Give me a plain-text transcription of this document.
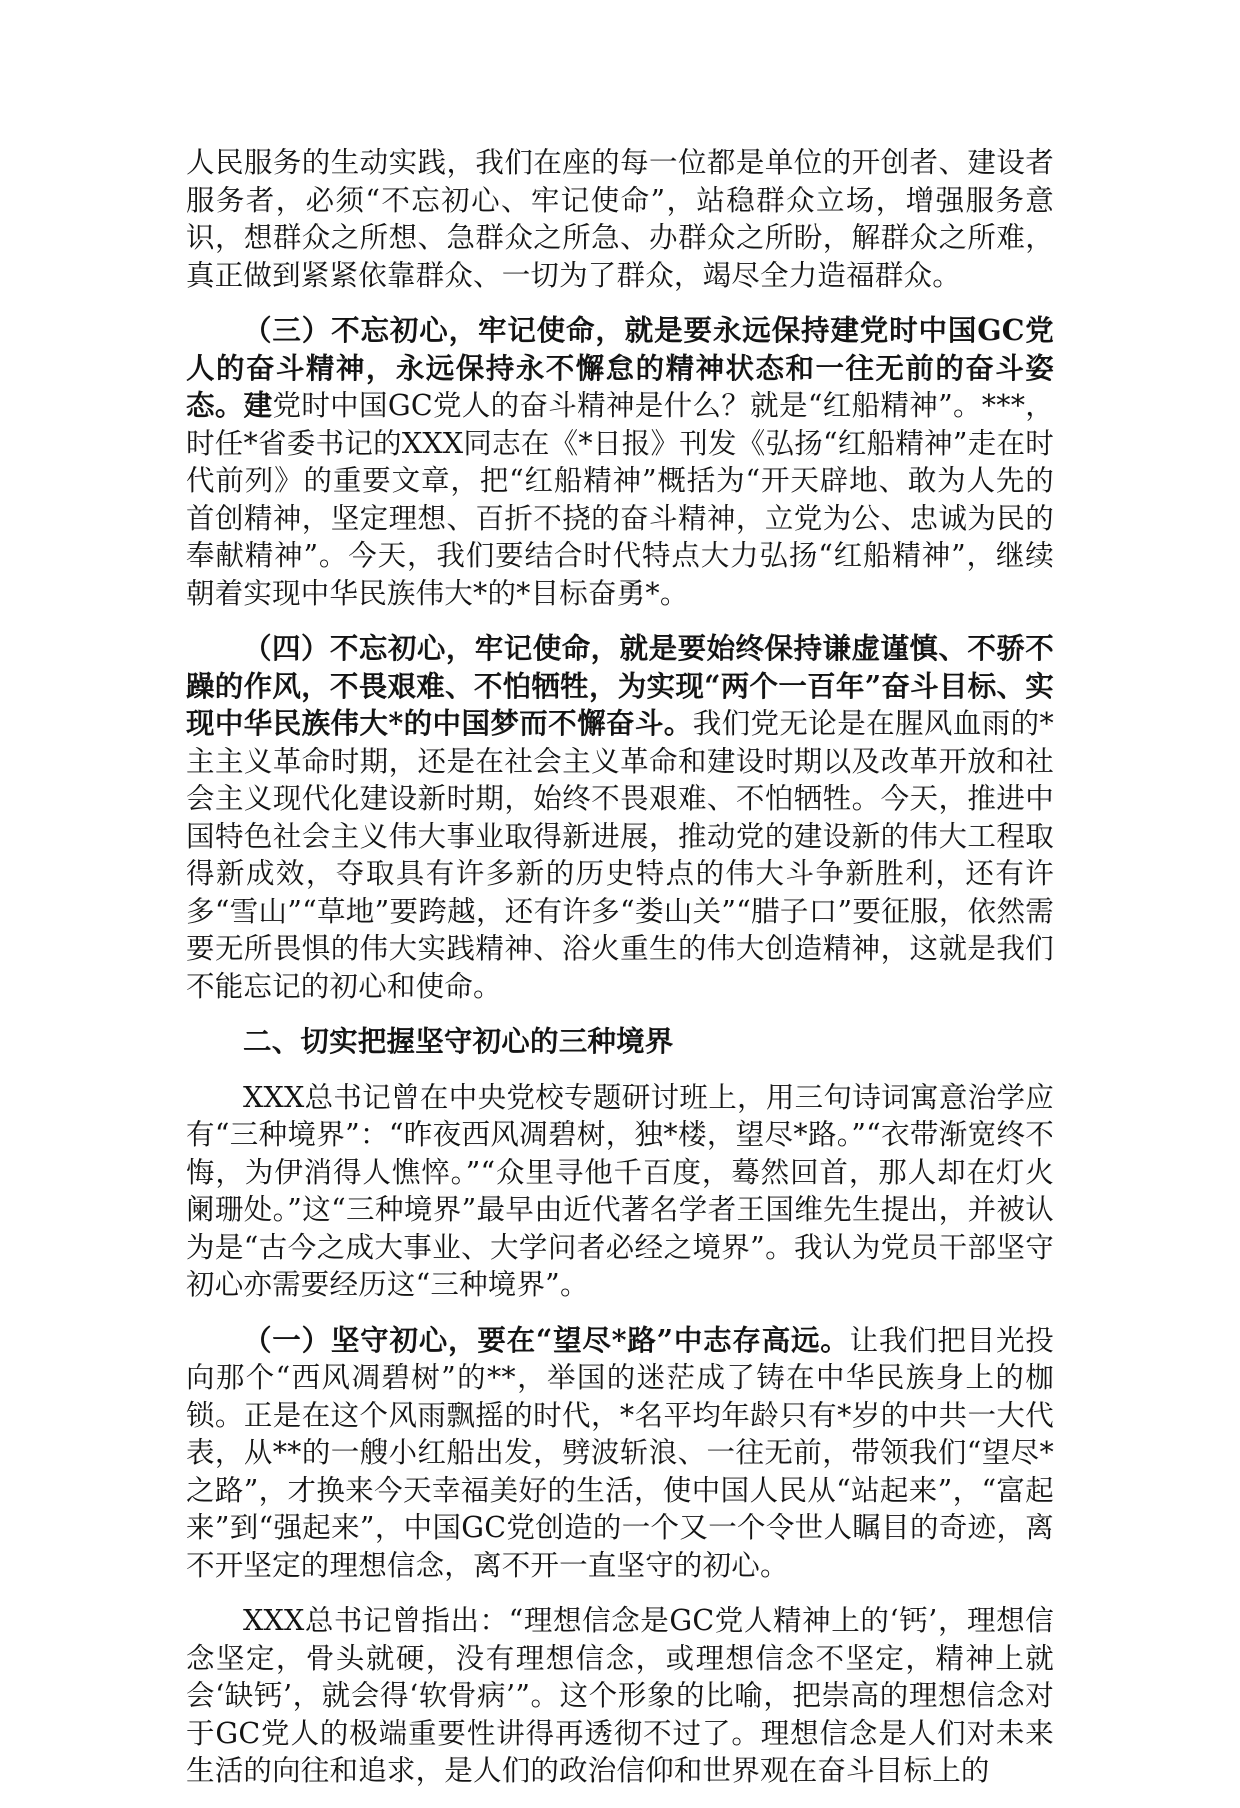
人民服务的生动实践，我们在座的每一位都是单位的开创者、建设者服务者，必须“不忘初心、牢记使命”，站稳群众立场，增强服务意识，想群众之所想、急群众之所急、办群众之所盼，解群众之所难，真正做到紧紧依靠群众、一切为了群众，竭尽全力造福群众。

（三）不忘初心，牢记使命，就是要永远保持建党时中国GC党人的奋斗精神，永远保持永不懈怠的精神状态和一往无前的奋斗姿态。建党时中国GC党人的奋斗精神是什么？就是“红船精神”。***，时任*省委书记的XXX同志在《*日报》刊发《弘扬“红船精神”走在时代前列》的重要文章，把“红船精神”概括为“开天辟地、敢为人先的首创精神，坚定理想、百折不挠的奋斗精神，立党为公、忠诚为民的奉献精神”。今天，我们要结合时代特点大力弘扬“红船精神”，继续朝着实现中华民族伟大*的*目标奋勇*。

（四）不忘初心，牢记使命，就是要始终保持谦虚谨慎、不骄不躁的作风，不畏艰难、不怕牺牲，为实现“两个一百年”奋斗目标、实现中华民族伟大*的中国梦而不懈奋斗。我们党无论是在腥风血雨的*主主义革命时期，还是在社会主义革命和建设时期以及改革开放和社会主义现代化建设新时期，始终不畏艰难、不怕牺牲。今天，推进中国特色社会主义伟大事业取得新进展，推动党的建设新的伟大工程取得新成效，夺取具有许多新的历史特点的伟大斗争新胜利，还有许多“雪山”“草地”要跨越，还有许多“娄山关”“腊子口”要征服，依然需要无所畏惧的伟大实践精神、浴火重生的伟大创造精神，这就是我们不能忘记的初心和使命。

二、切实把握坚守初心的三种境界

XXX总书记曾在中央党校专题研讨班上，用三句诗词寓意治学应有“三种境界”：“昨夜西风凋碧树，独*楼，望尽*路。”“衣带渐宽终不悔，为伊消得人憔悴。”“众里寻他千百度，蓦然回首，那人却在灯火阑珊处。”这“三种境界”最早由近代著名学者王国维先生提出，并被认为是“古今之成大事业、大学问者必经之境界”。我认为党员干部坚守初心亦需要经历这“三种境界”。

（一）坚守初心，要在“望尽*路”中志存高远。让我们把目光投向那个“西风凋碧树”的**，举国的迷茫成了铸在中华民族身上的枷锁。正是在这个风雨飘摇的时代，*名平均年龄只有*岁的中共一大代表，从**的一艘小红船出发，劈波斩浪、一往无前，带领我们“望尽*之路”，才换来今天幸福美好的生活，使中国人民从“站起来”，“富起来”到“强起来”，中国GC党创造的一个又一个令世人瞩目的奇迹，离不开坚定的理想信念，离不开一直坚守的初心。

XXX总书记曾指出：“理想信念是GC党人精神上的‘钙’，理想信念坚定，骨头就硬，没有理想信念，或理想信念不坚定，精神上就会‘缺钙’，就会得‘软骨病’”。这个形象的比喻，把崇高的理想信念对于GC党人的极端重要性讲得再透彻不过了。理想信念是人们对未来生活的向往和追求，是人们的政治信仰和世界观在奋斗目标上的
